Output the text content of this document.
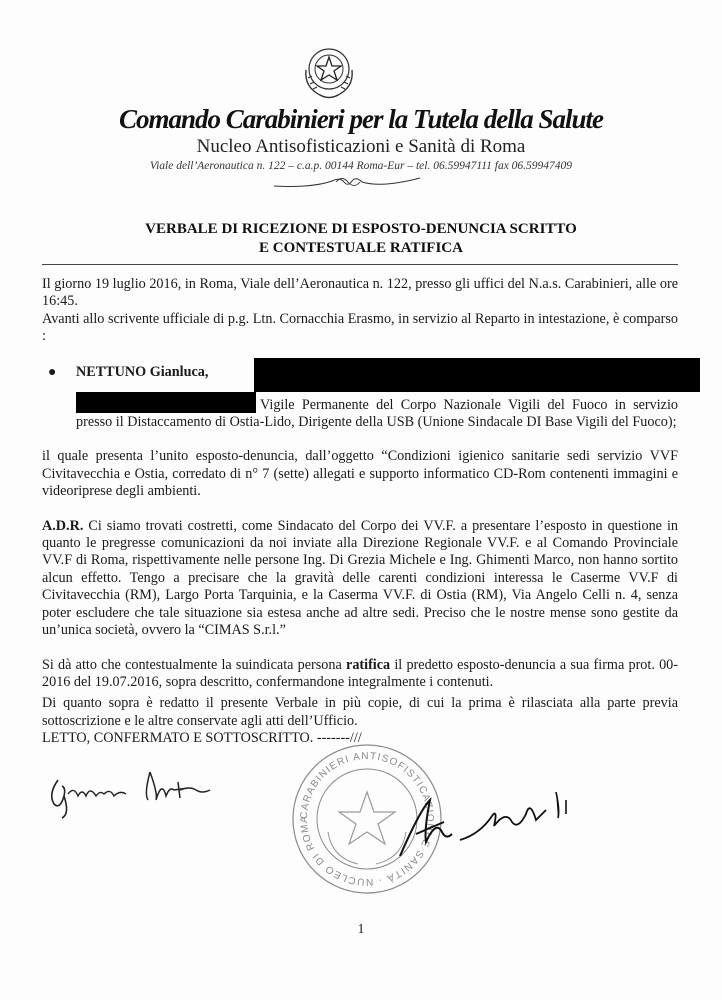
Comando Carabinieri per la Tutela della Salute
Nucleo Antisofisticazioni e Sanità di Roma
Viale dell’Aeronautica n. 122 – c.a.p. 00144 Roma-Eur – tel. 06.59947111 fax 06.59947409
VERBALE DI RICEZIONE DI ESPOSTO-DENUNCIA SCRITTO
E CONTESTUALE RATIFICA

Il giorno 19 luglio 2016, in Roma, Viale dell’Aeronautica n. 122, presso gli uffici del N.a.s. Carabinieri, alle ore 16:45.

Avanti allo scrivente ufficiale di p.g. Ltn. Cornacchia Erasmo, in servizio al Reparto in intestazione, è comparso :

● NETTUNO Gianluca,

Vigile Permanente del Corpo Nazionale Vigili del Fuoco in servizio presso il Distaccamento di Ostia-Lido, Dirigente della USB (Unione Sindacale DI Base Vigili del Fuoco);

il quale presenta l’unito esposto-denuncia, dall’oggetto “Condizioni igienico sanitarie sedi servizio VVF Civitavecchia e Ostia, corredato di n° 7 (sette) allegati e supporto informatico CD-Rom contenenti immagini e videoriprese degli ambienti.

A.D.R. Ci siamo trovati costretti, come Sindacato del Corpo dei VV.F. a presentare l’esposto in questione in quanto le pregresse comunicazioni da noi inviate alla Direzione Regionale VV.F. e al Comando Provinciale VV.F di Roma, rispettivamente nelle persone Ing. Di Grezia Michele e Ing. Ghimenti Marco, non hanno sortito alcun effetto. Tengo a precisare che la gravità delle carenti condizioni interessa le Caserme VV.F di Civitavecchia (RM), Largo Porta Tarquinia, e la Caserma VV.F. di Ostia (RM), Via Angelo Celli n. 4, senza poter escludere che tale situazione sia estesa anche ad altre sedi. Preciso che le nostre mense sono gestite da un’unica società, ovvero la “CIMAS S.r.l.”

Si dà atto che contestualmente la suindicata persona ratifica il predetto esposto-denuncia a sua firma prot. 00-2016 del 19.07.2016, sopra descritto, confermandone integralmente i contenuti.

Di quanto sopra è redatto il presente Verbale in più copie, di cui la prima è rilasciata alla parte previa sottoscrizione e le altre conservate agli atti dell’Ufficio.

LETTO, CONFERMATO E SOTTOSCRITTO. -------///

CARABINIERI ANTISOFISTICAZIONI E SANITÀ · NUCLEO DI ROMA
1
